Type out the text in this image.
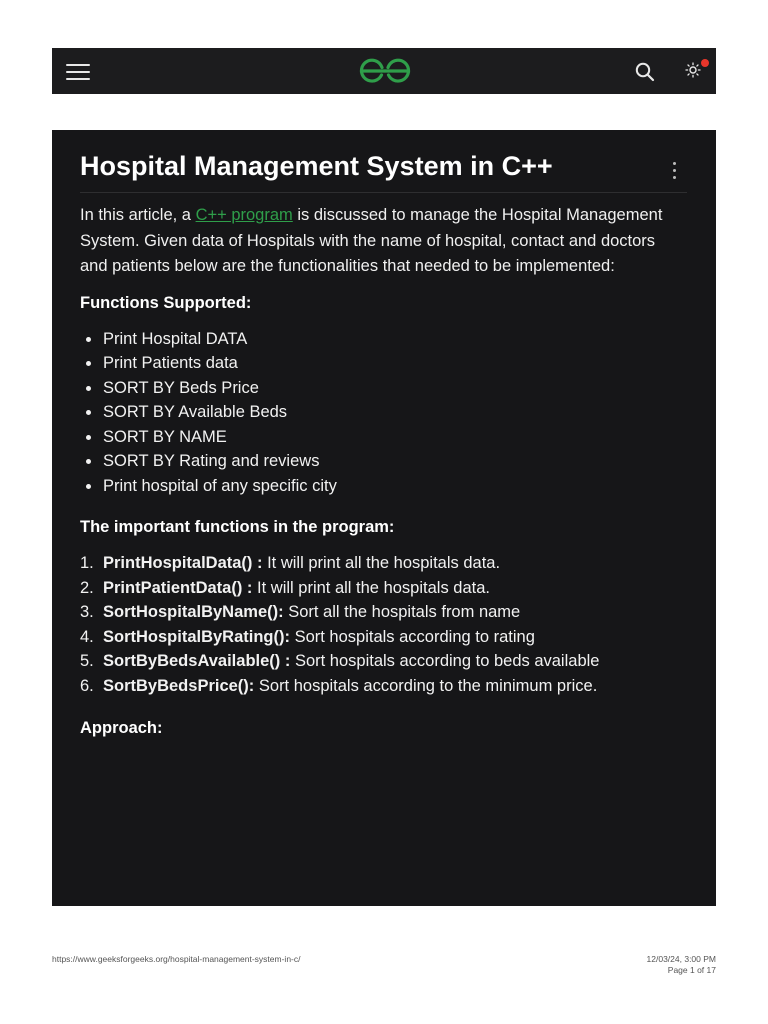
Hospital Management System in C++

In this article, a C++ program is discussed to manage the Hospital Management System. Given data of Hospitals with the name of hospital, contact and doctors and patients below are the functionalities that needed to be implemented:

Functions Supported:

• Print Hospital DATA
• Print Patients data
• SORT BY Beds Price
• SORT BY Available Beds
• SORT BY NAME
• SORT BY Rating and reviews
• Print hospital of any specific city

The important functions in the program:

1. PrintHospitalData() : It will print all the hospitals data.
2. PrintPatientData() : It will print all the hospitals data.
3. SortHospitalByName(): Sort all the hospitals from name
4. SortHospitalByRating(): Sort hospitals according to rating
5. SortByBedsAvailable() : Sort hospitals according to beds available
6. SortByBedsPrice(): Sort hospitals according to the minimum price.

Approach:

https://www.geeksforgeeks.org/hospital-management-system-in-c/	12/03/24, 3:00 PM
Page 1 of 17
